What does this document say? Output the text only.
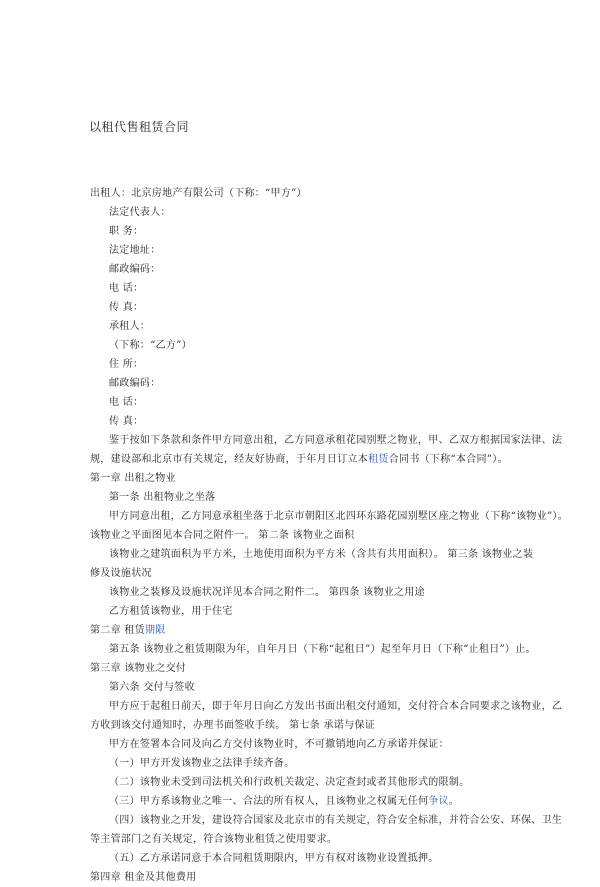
以租代售租赁合同
出租人：北京房地产有限公司（下称：“甲方”）
法定代表人：
职 务：
法定地址：
邮政编码：
电 话：
传 真：
承租人：
（下称：“乙方”）
住 所：
邮政编码：
电 话：
传 真：
鉴于按如下条款和条件甲方同意出租，乙方同意承租花园别墅之物业，甲、乙双方根据国家法律、法
规，建设部和北京市有关规定，经友好协商，于年月日订立本租赁合同书（下称“本合同”）。
第一章 出租之物业
第一条 出租物业之坐落
甲方同意出租，乙方同意承租坐落于北京市朝阳区北四环东路花园别墅区座之物业（下称“该物业”）。
该物业之平面图见本合同之附件一。 第二条 该物业之面积
该物业之建筑面积为平方米，土地使用面积为平方米（含共有共用面积）。 第三条 该物业之装
修及设施状况
该物业之装修及设施状况详见本合同之附件二。 第四条 该物业之用途
乙方租赁该物业，用于住宅
第二章 租赁期限
第五条 该物业之租赁期限为年，自年月日（下称“起租日”）起至年月日（下称“止租日”）止。
第三章 该物业之交付
第六条 交付与签收
甲方应于起租日前天，即于年月日向乙方发出书面出租交付通知，交付符合本合同要求之该物业，乙
方收到该交付通知时，办理书面签收手续。 第七条 承诺与保证
甲方在签署本合同及向乙方交付该物业时，不可撤销地向乙方承诺并保证：
（一）甲方开发该物业之法律手续齐备。
（二）该物业未受到司法机关和行政机关裁定、决定查封或者其他形式的限制。
（三）甲方系该物业之唯一、合法的所有权人，且该物业之权属无任何争议。
（四）该物业之开发，建设符合国家及北京市的有关规定，符合安全标准，并符合公安、环保、卫生
等主管部门之有关规定，符合该物业租赁之使用要求。
（五）乙方承诺同意于本合同租赁期限内，甲方有权对该物业设置抵押。
第四章 租金及其他费用
